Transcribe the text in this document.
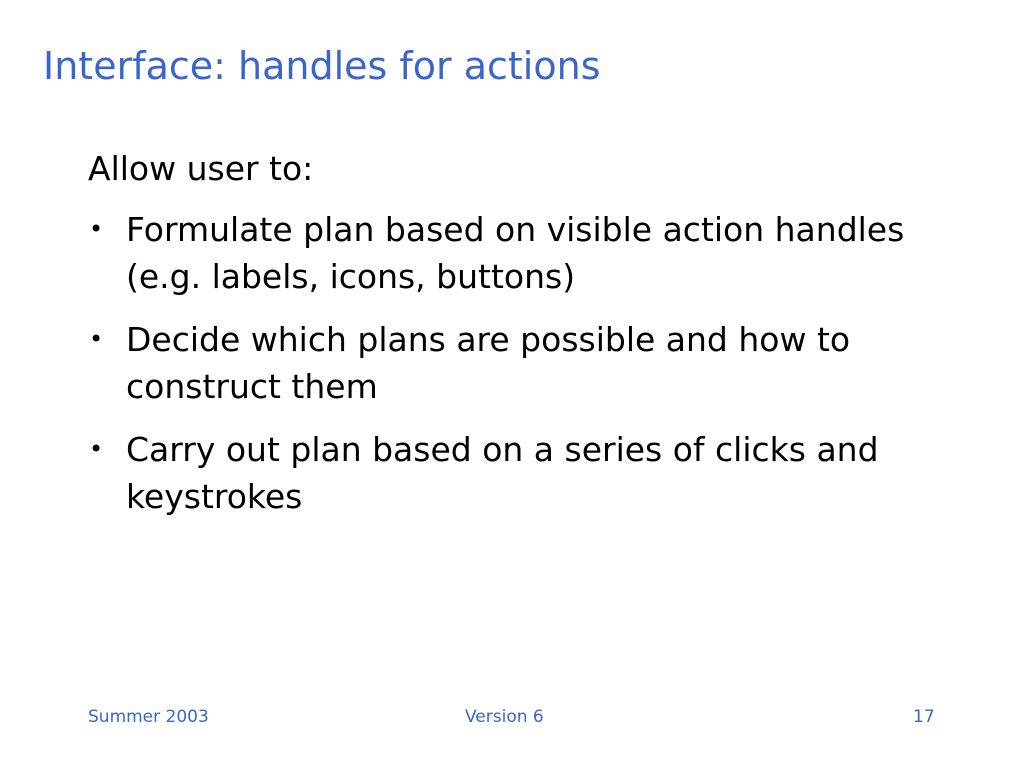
Interface: handles for actions

Allow user to:

• Formulate plan based on visible action handles (e.g. labels, icons, buttons)
• Decide which plans are possible and how to construct them
• Carry out plan based on a series of clicks and keystrokes
Summer 2003	Version 6	17
